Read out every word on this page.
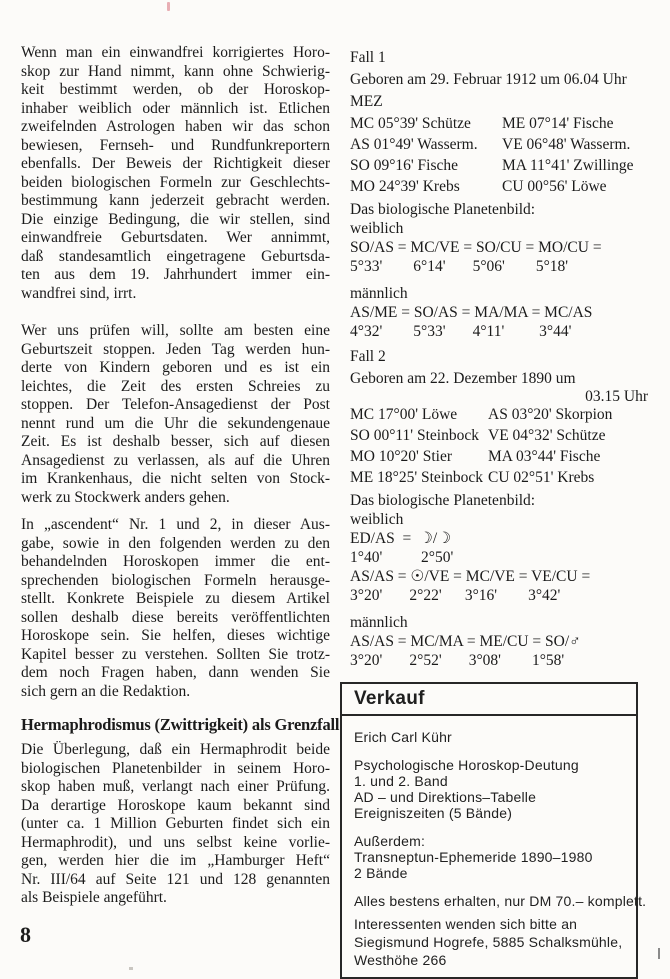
Wenn man ein einwandfrei korrigiertes Horo-
skop zur Hand nimmt, kann ohne Schwierig-
keit bestimmt werden, ob der Horoskop-
inhaber weiblich oder männlich ist. Etlichen
zweifelnden Astrologen haben wir das schon
bewiesen, Fernseh- und Rundfunkreportern
ebenfalls. Der Beweis der Richtigkeit dieser
beiden biologischen Formeln zur Geschlechts-
bestimmung kann jederzeit gebracht werden.
Die einzige Bedingung, die wir stellen, sind
einwandfreie Geburtsdaten. Wer annimmt,
daß standesamtlich eingetragene Geburtsda-
ten aus dem 19. Jahrhundert immer ein-
wandfrei sind, irrt.
Wer uns prüfen will, sollte am besten eine
Geburtszeit stoppen. Jeden Tag werden hun-
derte von Kindern geboren und es ist ein
leichtes, die Zeit des ersten Schreies zu
stoppen. Der Telefon-Ansagedienst der Post
nennt rund um die Uhr die sekundengenaue
Zeit. Es ist deshalb besser, sich auf diesen
Ansagedienst zu verlassen, als auf die Uhren
im Krankenhaus, die nicht selten von Stock-
werk zu Stockwerk anders gehen.
In „ascendent“ Nr. 1 und 2, in dieser Aus-
gabe, sowie in den folgenden werden zu den
behandelnden Horoskopen immer die ent-
sprechenden biologischen Formeln herausge-
stellt. Konkrete Beispiele zu diesem Artikel
sollen deshalb diese bereits veröffentlichten
Horoskope sein. Sie helfen, dieses wichtige
Kapitel besser zu verstehen. Sollten Sie trotz-
dem noch Fragen haben, dann wenden Sie
sich gern an die Redaktion.
Hermaphrodismus (Zwittrigkeit) als Grenzfall
Die Überlegung, daß ein Hermaphrodit beide
biologischen Planetenbilder in seinem Horo-
skop haben muß, verlangt nach einer Prüfung.
Da derartige Horoskope kaum bekannt sind
(unter ca. 1 Million Geburten findet sich ein
Hermaphrodit), und uns selbst keine vorlie-
gen, werden hier die im „Hamburger Heft“
Nr. III/64 auf Seite 121 und 128 genannten
als Beispiele angeführt.
8
Fall 1
Geboren am 29. Februar 1912 um 06.04 Uhr
MEZ
MC 05°39' Schütze	ME 07°14' Fische
AS 01°49' Wasserm.	VE 06°48' Wasserm.
SO 09°16' Fische	MA 11°41' Zwillinge
MO 24°39' Krebs	CU 00°56' Löwe
Das biologische Planetenbild:
weiblich
SO/AS = MC/VE = SO/CU = MO/CU =
5°33'        6°14'       5°06'        5°18'
männlich
AS/ME = SO/AS = MA/MA = MC/AS
4°32'        5°33'       4°11'         3°44'
Fall 2
Geboren am 22. Dezember 1890 um
03.15 Uhr
MC 17°00' Löwe	AS 03°20' Skorpion
SO 00°11' Steinbock VE 04°32' Schütze
MO 10°20' Stier	MA 03°44' Fische
ME 18°25' Steinbock CU 02°51' Krebs
Das biologische Planetenbild:
weiblich
ED/AS  =  ☽/☽
1°40'          2°50'
AS/AS = ☉/VE = MC/VE = VE/CU =
3°20'       2°22'      3°16'        3°42'
männlich
AS/AS = MC/MA = ME/CU = SO/♂
3°20'       2°52'       3°08'        1°58'
Verkauf
Erich Carl Kühr
Psychologische Horoskop-Deutung
1. und 2. Band
AD – und Direktions–Tabelle
Ereigniszeiten (5 Bände)
Außerdem:
Transneptun-Ephemeride 1890–1980
2 Bände
Alles bestens erhalten, nur DM 70.– komplett.
Interessenten wenden sich bitte an
Siegismund Hogrefe, 5885 Schalksmühle,
Westhöhe 266
